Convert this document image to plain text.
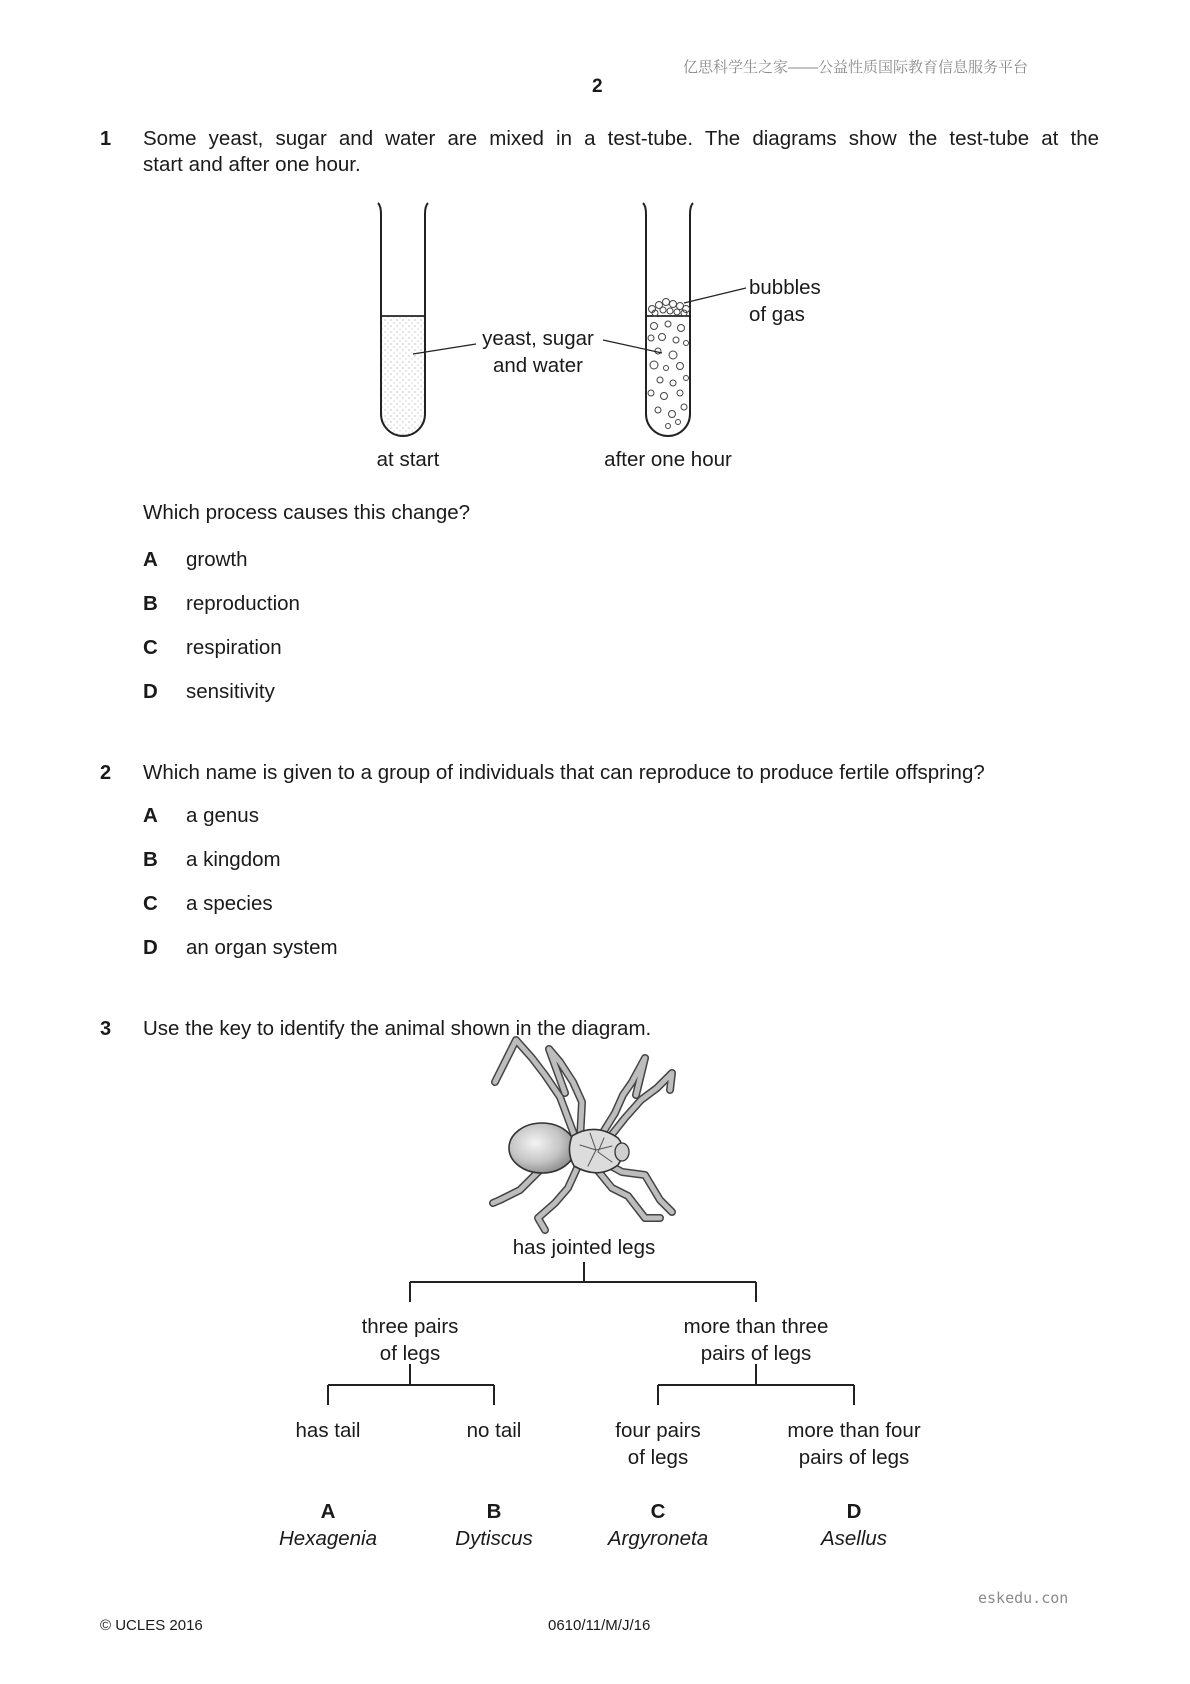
亿思科学生之家——公益性质国际教育信息服务平台
2
1 Some yeast, sugar and water are mixed in a test-tube. The diagrams show the test-tube at the
start and after one hour.
yeast, sugar
and water
bubbles
of gas
at start	after one hour
Which process causes this change?
A growth
B reproduction
C respiration
D sensitivity
2 Which name is given to a group of individuals that can reproduce to produce fertile offspring?
A a genus
B a kingdom
C a species
D an organ system
3 Use the key to identify the animal shown in the diagram.
has jointed legs
three pairs
of legs
more than three
pairs of legs
has tail	no tail	four pairs
of legs
more than four
pairs of legs
A
Hexagenia
B
Dytiscus
C
Argyroneta
D
Asellus
eskedu.con
© UCLES 2016	0610/11/M/J/16
